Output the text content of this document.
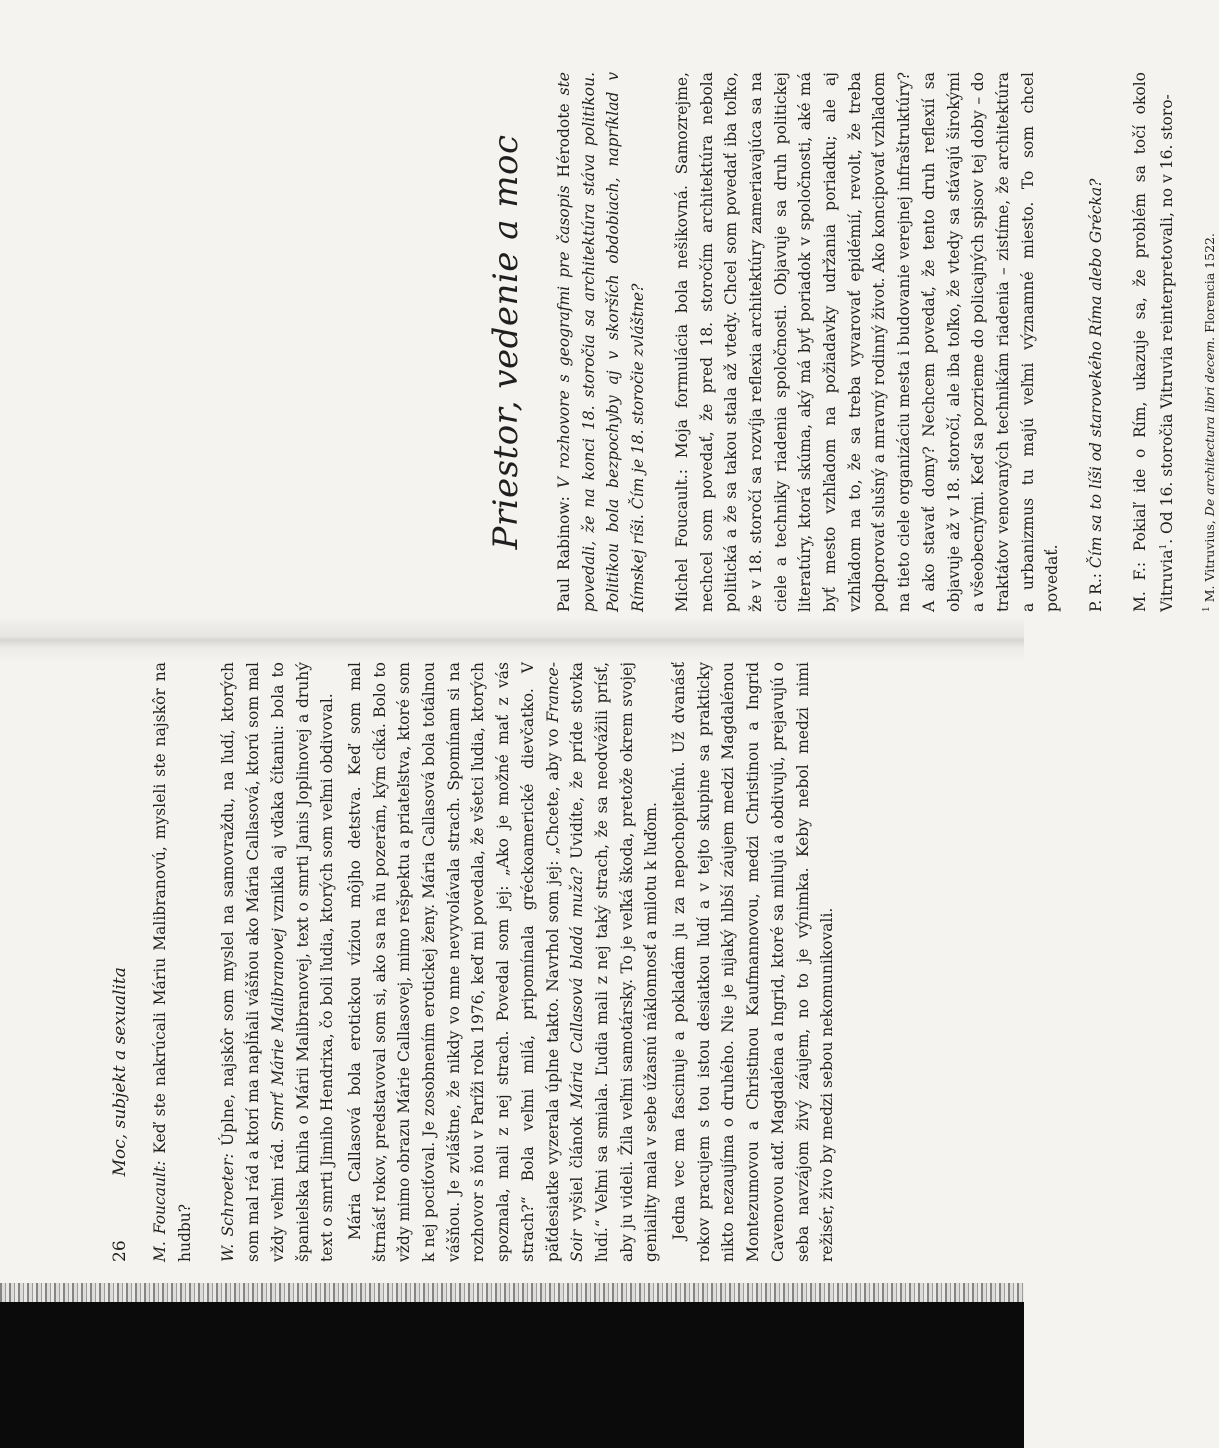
26
Moc, subjekt a sexualita

M. Foucault: Keď ste nakrúcali Máriu Malibranovú, mysleli ste najskôr na hudbu? W. Schroeter: Úplne, najskôr som myslel na samovraždu, na ľudí, ktorých som mal rád a ktorí ma napĺňali vášňou ako Mária Callasová, ktorú som mal vždy veľmi rád. Smrť Márie Malibranovej vznikla aj vďaka čítaniu: bola to španielska kniha o Márii Malibranovej, text o smrti Janis Joplinovej a druhý text o smrti Jimiho Hendrixa, čo boli ľudia, ktorých som veľmi obdivoval. Mária Callasová bola erotickou víziou môjho detstva. Keď som mal štrnásť rokov, predstavoval som si, ako sa na ňu pozerám, kým cíká. Bolo to vždy mimo obrazu Márie Callasovej, mimo rešpektu a priateľstva, ktoré som k nej pociťoval. Je zosobnením erotickej ženy. Mária Callasová bola totálnou vášňou. Je zvláštne, že nikdy vo mne nevyvolávala strach. Spomínam si na rozhovor s ňou v Paríži roku 1976, keď mi povedala, že všetci ľudia, ktorých spoznala, mali z nej strach. Povedal som jej: „Ako je možné mať z vás strach?“ Bola veľmi milá, pripomínala gréckoamerické dievčatko. V päťdesiatke vyzerala úplne takto. Navrhol som jej: „Chcete, aby vo France-Soir vyšiel článok Mária Callasová bladá mužа? Uvidíte, že príde stovka ľudí.“ Veľmi sa smiala. Ľudia mali z nej taký strach, že sa neodvážili prísť, aby ju videli. Žila veľmi samotársky. To je veľká škoda, pretože okrem svojej geniality mala v sebe úžasnú náklonnosť a milotu k ľuďom. Jedna vec ma fascinuje a pokladám ju za nepochopiteľnú. Už dvanásť rokov pracujem s tou istou desiatkou ľudí a v tejto skupine sa prakticky nikto nezaujíma o druhého. Nie je nijaký hlbší záujem medzi Magdalénou Montezumovou a Christinou Kaufmannovou, medzi Christinou a Ingrid Cavenovou atď. Magdaléna a Ingrid, ktoré sa milujú a obdivujú, prejavujú o seba navzájom živý záujem, no to je výnimka. Keby nebol medzi nimi režisér, živo by medzi sebou nekomunikovali.

Priestor, vedenie a moc

Paul Rabinow: V rozhovore s geografmi pre časopis Hérodote ste povedali, že na konci 18. storočia sa architektúra stáva politikou. Politikou bola bezpochyby aj v skorších obdobiach, napríklad v Rímskej ríši. Čím je 18. storočie zvláštne? Michel Foucault.: Moja formulácia bola nešikovná. Samozrejme, nechcel som povedať, že pred 18. storočím architektúra nebola politická a že sa takou stala až vtedy. Chcel som povedať iba toľko, že v 18. storočí sa rozvíja reflexia architektúry zameriavajúca sa na ciele a techniky riadenia spoločnosti. Objavuje sa druh politickej literatúry, ktorá skúma, aký má byť poriadok v spoločnosti, aké má byť mesto vzhľadom na požiadavky udržania poriadku; ale aj vzhľadom na to, že sa treba vyvarovať epidémií, revolt, že treba podporovať slušný a mravný rodinný život. Ako koncipovať vzhľadom na tieto ciele organizáciu mesta i budovanie verejnej infraštruktúry? A ako stavať domy? Nechcem povedať, že tento druh reflexií sa objavuje až v 18. storočí, ale iba toľko, že vtedy sa stávajú širokými a všeobecnými. Keď sa pozrieme do policajných spisov tej doby – do traktátov venovaných technikám riadenia – zistíme, že architektúra a urbanizmus tu majú veľmi významné miesto. To som chcel povedať. P. R.: Čím sa to líši od starovekého Ríma alebo Grécka?

M. F.: Pokiaľ ide o Rím, ukazuje sa, že problém sa točí okolo Vitruvia$^1$. Od 16. storočia Vitruvia reinterpretovali, no v 16. storo-

$^1$ M. Vitruvius, De architectura libri decem. Florencia 1522.
